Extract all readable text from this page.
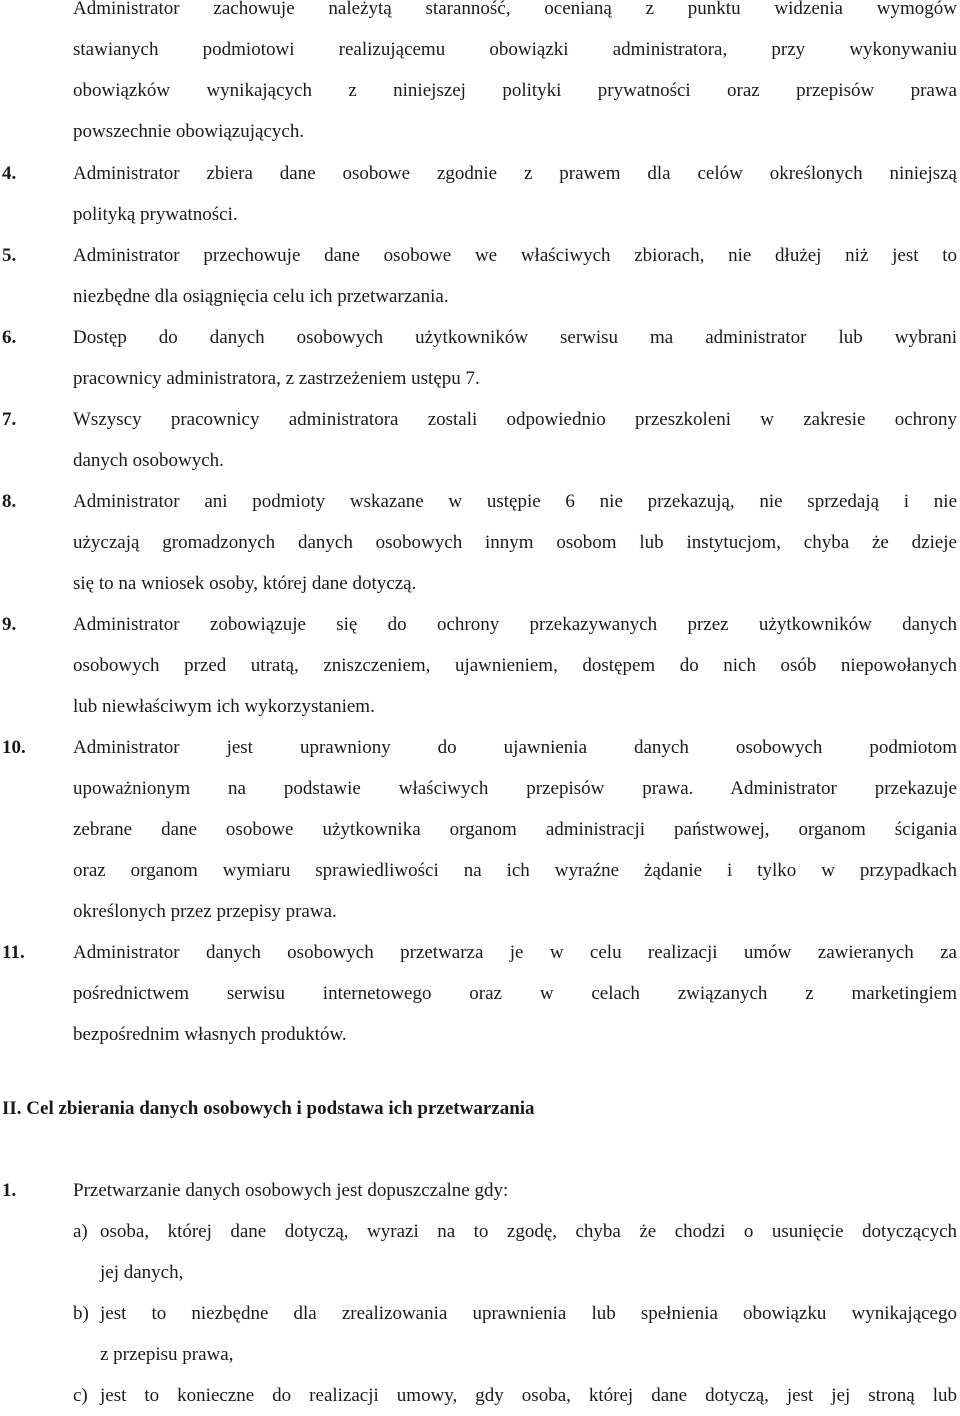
Administrator zachowuje należytą staranność, ocenianą z punktu widzenia wymogów
stawianych podmiotowi realizującemu obowiązki administratora, przy wykonywaniu
obowiązków wynikających z niniejszej polityki prywatności oraz przepisów prawa
powszechnie obowiązujących.
4.	Administrator zbiera dane osobowe zgodnie z prawem dla celów określonych niniejszą
polityką prywatności.
5.	Administrator przechowuje dane osobowe we właściwych zbiorach, nie dłużej niż jest to
niezbędne dla osiągnięcia celu ich przetwarzania.
6.	Dostęp do danych osobowych użytkowników serwisu ma administrator lub wybrani
pracownicy administratora, z zastrzeżeniem ustępu 7.
7.	Wszyscy pracownicy administratora zostali odpowiednio przeszkoleni w zakresie ochrony
danych osobowych.
8.	Administrator ani podmioty wskazane w ustępie 6 nie przekazują, nie sprzedają i nie
użyczają gromadzonych danych osobowych innym osobom lub instytucjom, chyba że dzieje
się to na wniosek osoby, której dane dotyczą.
9.	Administrator zobowiązuje się do ochrony przekazywanych przez użytkowników danych
osobowych przed utratą, zniszczeniem, ujawnieniem, dostępem do nich osób niepowołanych
lub niewłaściwym ich wykorzystaniem.
10. Administrator jest uprawniony do ujawnienia danych osobowych podmiotom
upoważnionym na podstawie właściwych przepisów prawa. Administrator przekazuje
zebrane dane osobowe użytkownika organom administracji państwowej, organom ścigania
oraz organom wymiaru sprawiedliwości na ich wyraźne żądanie i tylko w przypadkach
określonych przez przepisy prawa.
11.	Administrator danych osobowych przetwarza je w celu realizacji umów zawieranych za
pośrednictwem serwisu internetowego oraz w celach związanych z marketingiem
bezpośrednim własnych produktów.
II. Cel zbierania danych osobowych i podstawa ich przetwarzania
1.	Przetwarzanie danych osobowych jest dopuszczalne gdy:
a) osoba, której dane dotyczą, wyrazi na to zgodę, chyba że chodzi o usunięcie dotyczących
jej danych,
b) jest to niezbędne dla zrealizowania uprawnienia lub spełnienia obowiązku wynikającego
z przepisu prawa,
c) jest to konieczne do realizacji umowy, gdy osoba, której dane dotyczą, jest jej stroną lub
